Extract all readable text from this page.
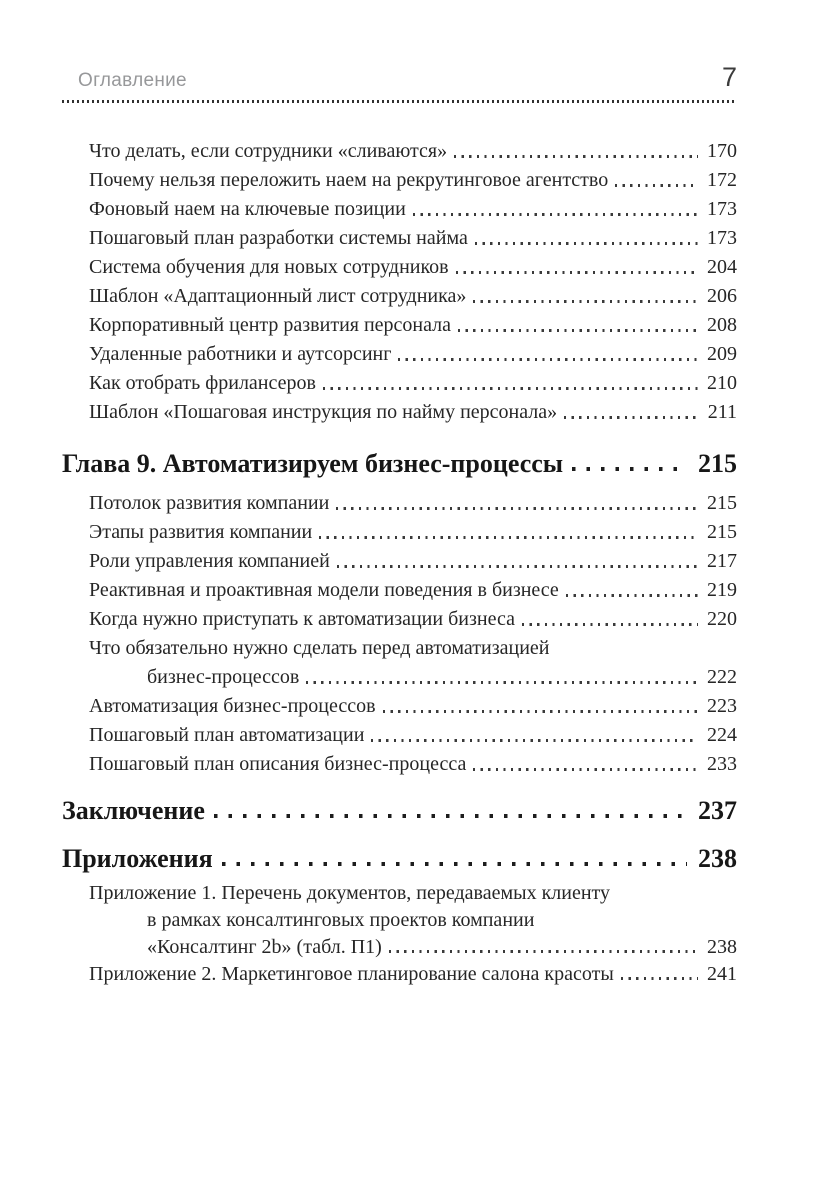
Оглавление	7
Что делать, если сотрудники «сливаются»	170
Почему нельзя переложить наем на рекрутинговое агентство	172
Фоновый наем на ключевые позиции	173
Пошаговый план разработки системы найма	173
Система обучения для новых сотрудников	204
Шаблон «Адаптационный лист сотрудника»	206
Корпоративный центр развития персонала	208
Удаленные работники и аутсорсинг	209
Как отобрать фрилансеров	210
Шаблон «Пошаговая инструкция по найму персонала»	211
Глава 9. Автоматизируем бизнес-процессы	215
Потолок развития компании	215
Этапы развития компании	215
Роли управления компанией	217
Реактивная и проактивная модели поведения в бизнесе	219
Когда нужно приступать к автоматизации бизнеса	220
Что обязательно нужно сделать перед автоматизацией
бизнес-процессов	222
Автоматизация бизнес-процессов	223
Пошаговый план автоматизации	224
Пошаговый план описания бизнес-процесса	233
Заключение	237
Приложения	238
Приложение 1. Перечень документов, передаваемых клиенту
в рамках консалтинговых проектов компании
«Консалтинг 2b» (табл. П1)	238
Приложение 2. Маркетинговое планирование салона красоты	241
